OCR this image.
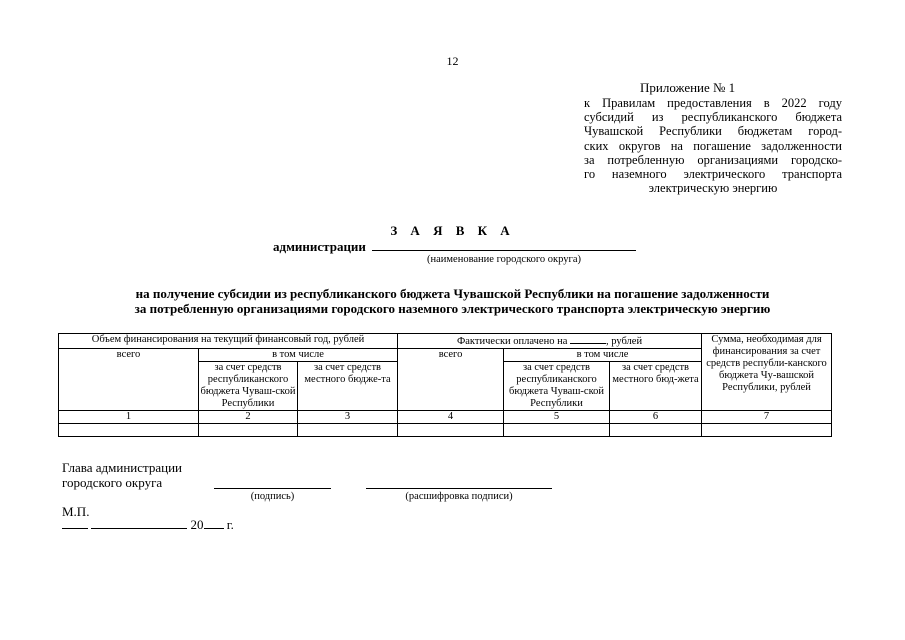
12
Приложение № 1
к Правилам предоставления в 2022 году
субсидий из республиканского бюджета
Чувашской Республики бюджетам город-
ских округов на погашение задолженности
за потребленную организациями городско-
го наземного электрического транспорта
электрическую энергию
З А Я В К А
администрации
(наименование городского округа)
на получение субсидии из республиканского бюджета Чувашской Республики на погашение задолженности
за потребленную организациями городского наземного электрического транспорта электрическую энергию
Объем финансирования на текущий финансовый год, рублей			Фактически оплачено на , рублей			Сумма, необходимая для финансирования за счет средств республи-канского бюджета Чу-вашской Республики, рублей
всего	в том числе		всего	в том числе		
	за счет средств республиканского бюджета Чуваш-ской Республики	за счет средств местного бюдже-та		за счет средств республиканского бюджета Чуваш-ской Республики	за счет средств местного бюд-жета	
1	2	3	4	5	6	7

Глава администрации
городского округа
(подпись)	(расшифровка подписи)
М.П.
20 г.
